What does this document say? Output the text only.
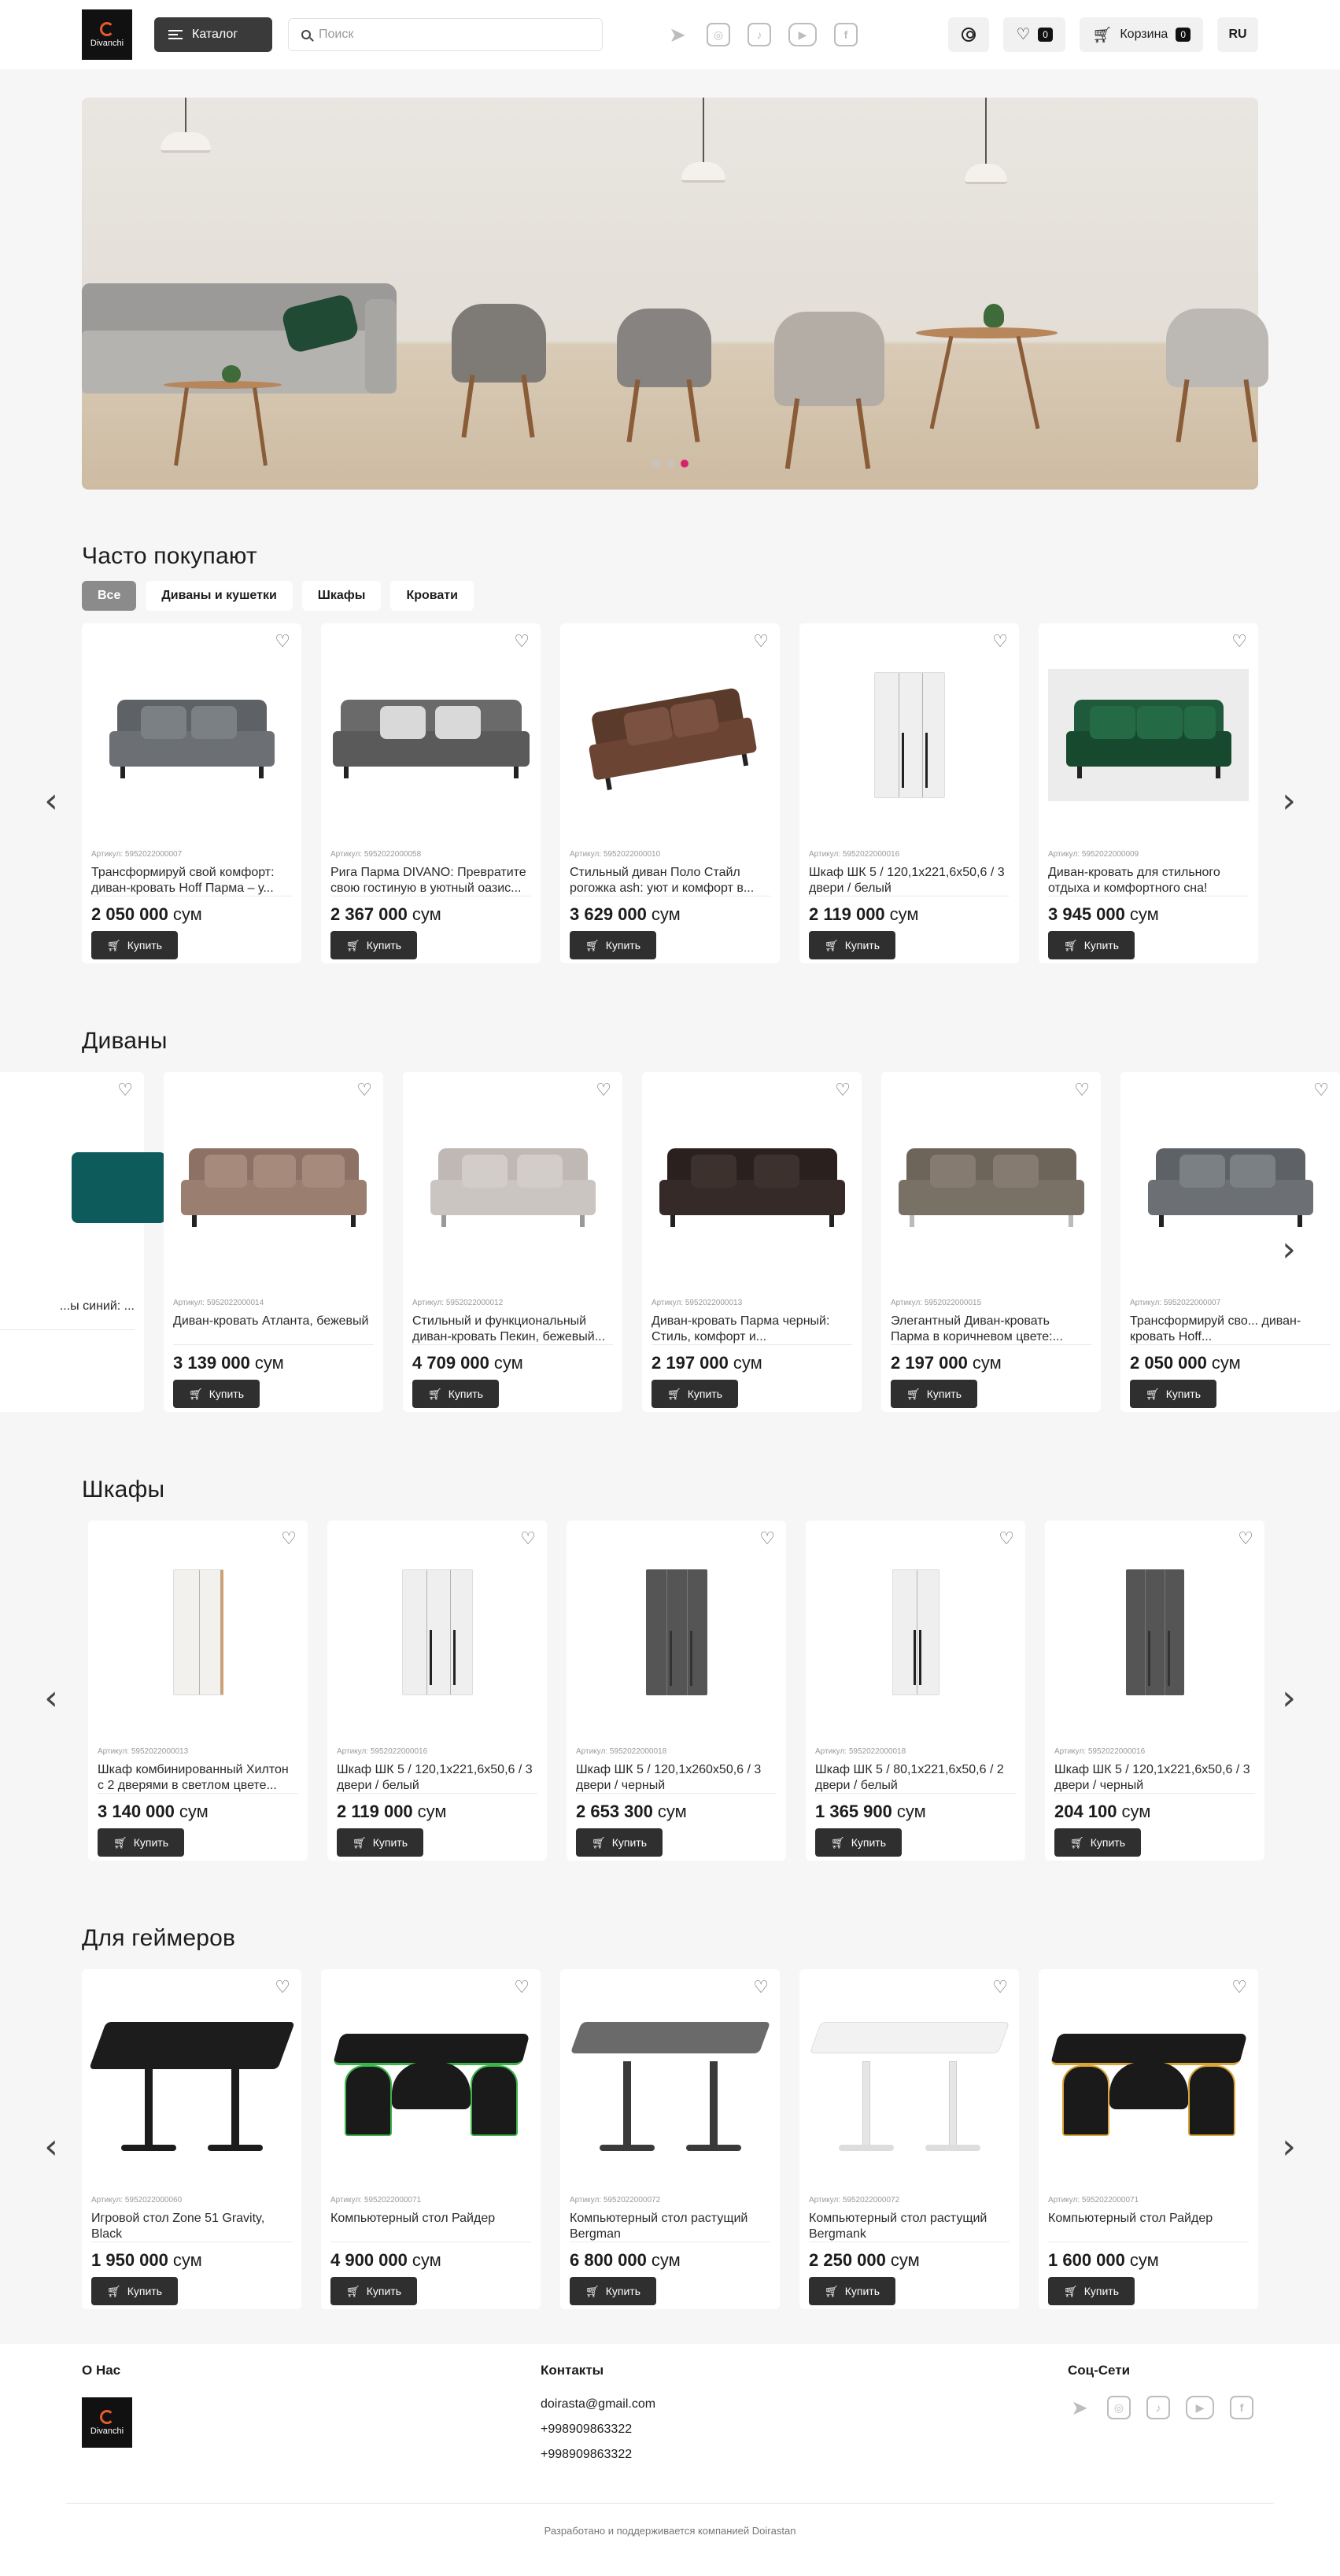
Divanchi
Каталог	Поиск	➤	◎	♪	▶	f	♡	0	🛒︎ Корзина	0	RU
Часто покупают
Все	Диваны и кушетки	Шкафы	Кровати
‹
♡
Артикул: 5952022000007
Трансформируй свой комфорт: диван-кровать Hoff Парма – у...
2 050 000 сум
🛒︎ Купить
♡
Артикул: 5952022000058
Рига Парма DIVANO: Превратите свою гостиную в уютный оазис...
2 367 000 сум
🛒︎ Купить
♡
Артикул: 5952022000010
Стильный диван Поло Стайл рогожка ash: уют и комфорт в...
3 629 000 сум
🛒︎ Купить
♡
Артикул: 5952022000016
Шкаф ШК 5 / 120,1x221,6x50,6 / 3 двери / белый
2 119 000 сум
🛒︎ Купить
♡
Артикул: 5952022000009
Диван-кровать для стильного отдыха и комфортного сна!
3 945 000 сум
🛒︎ Купить
›
Диваны
♡
...ы синий: ...
♡
Артикул: 5952022000014
Диван-кровать Атланта, бежевый
3 139 000 сум
🛒︎ Купить
♡
Артикул: 5952022000012
Стильный и функциональный диван-кровать Пекин, бежевый...
4 709 000 сум
🛒︎ Купить
♡
Артикул: 5952022000013
Диван-кровать Парма черный: Стиль, комфорт и...
2 197 000 сум
🛒︎ Купить
♡
Артикул: 5952022000015
Элегантный Диван-кровать Парма в коричневом цвете:...
2 197 000 сум
🛒︎ Купить
♡
Артикул: 5952022000007
Трансформируй сво... диван-кровать Hoff...
2 050 000 сум
🛒︎ Купить
›
Шкафы
‹
♡
Артикул: 5952022000013
Шкаф комбинированный Хилтон с 2 дверями в светлом цвете...
3 140 000 сум
🛒︎ Купить
♡
Артикул: 5952022000016
Шкаф ШК 5 / 120,1x221,6x50,6 / 3 двери / белый
2 119 000 сум
🛒︎ Купить
♡
Артикул: 5952022000018
Шкаф ШК 5 / 120,1x260x50,6 / 3 двери / черный
2 653 300 сум
🛒︎ Купить
♡
Артикул: 5952022000018
Шкаф ШК 5 / 80,1x221,6x50,6 / 2 двери / белый
1 365 900 сум
🛒︎ Купить
♡
Артикул: 5952022000016
Шкаф ШК 5 / 120,1x221,6x50,6 / 3 двери / черный
204 100 сум
🛒︎ Купить
›
Для геймеров
‹
♡
Артикул: 5952022000060
Игровой стол Zone 51 Gravity, Black
1 950 000 сум
🛒︎ Купить
♡
Артикул: 5952022000071
Компьютерный стол Райдер
4 900 000 сум
🛒︎ Купить
♡
Артикул: 5952022000072
Компьютерный стол растущий Bergman
6 800 000 сум
🛒︎ Купить
♡
Артикул: 5952022000072
Компьютерный стол растущий Bergmank
2 250 000 сум
🛒︎ Купить
♡
Артикул: 5952022000071
Компьютерный стол Райдер
1 600 000 сум
🛒︎ Купить
›
О Нас
Divanchi
Контакты
doirasta@gmail.com
+998909863322
+998909863322
Соц-Сети
➤	◎	♪	▶	f
Разработано и поддерживается компанией Doirastan
